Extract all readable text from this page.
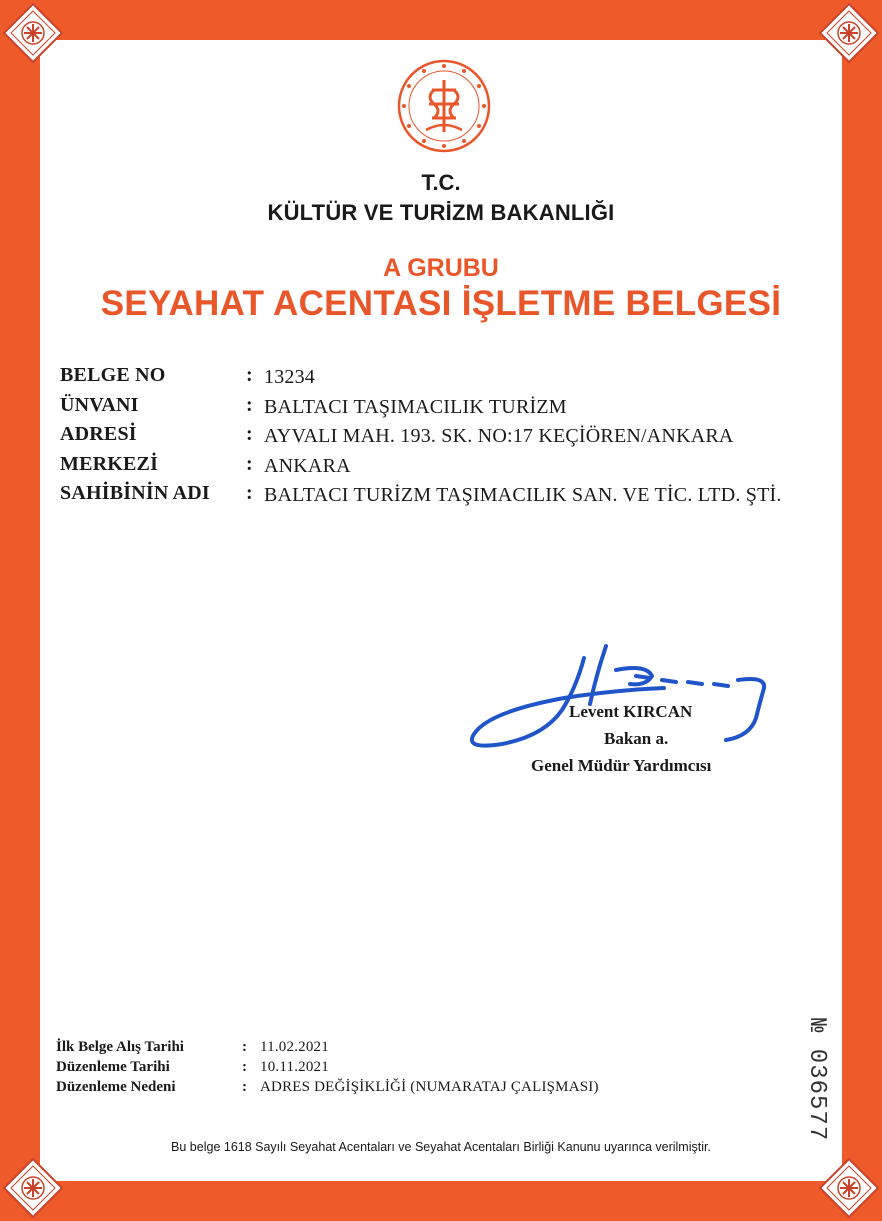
T.C.
KÜLTÜR VE TURİZM BAKANLIĞI
A GRUBU
SEYAHAT ACENTASI İŞLETME BELGESİ
BELGE NO	: 13234
ÜNVANI	: BALTACI TAŞIMACILIK TURİZM
ADRESİ	: AYVALI MAH. 193. SK. NO:17 KEÇİÖREN/ANKARA
MERKEZİ	: ANKARA
SAHİBİNİN ADI : BALTACI TURİZM TAŞIMACILIK SAN. VE TİC. LTD. ŞTİ.
Levent KIRCAN
Bakan a.
Genel Müdür Yardımcısı
İlk Belge Alış Tarihi	: 11.02.2021
Düzenleme Tarihi	: 10.11.2021
Düzenleme Nedeni	: ADRES DEĞİŞİKLİĞİ (NUMARATAJ ÇALIŞMASI)	№ 036577
Bu belge 1618 Sayılı Seyahat Acentaları ve Seyahat Acentaları Birliği Kanunu uyarınca verilmiştir.
